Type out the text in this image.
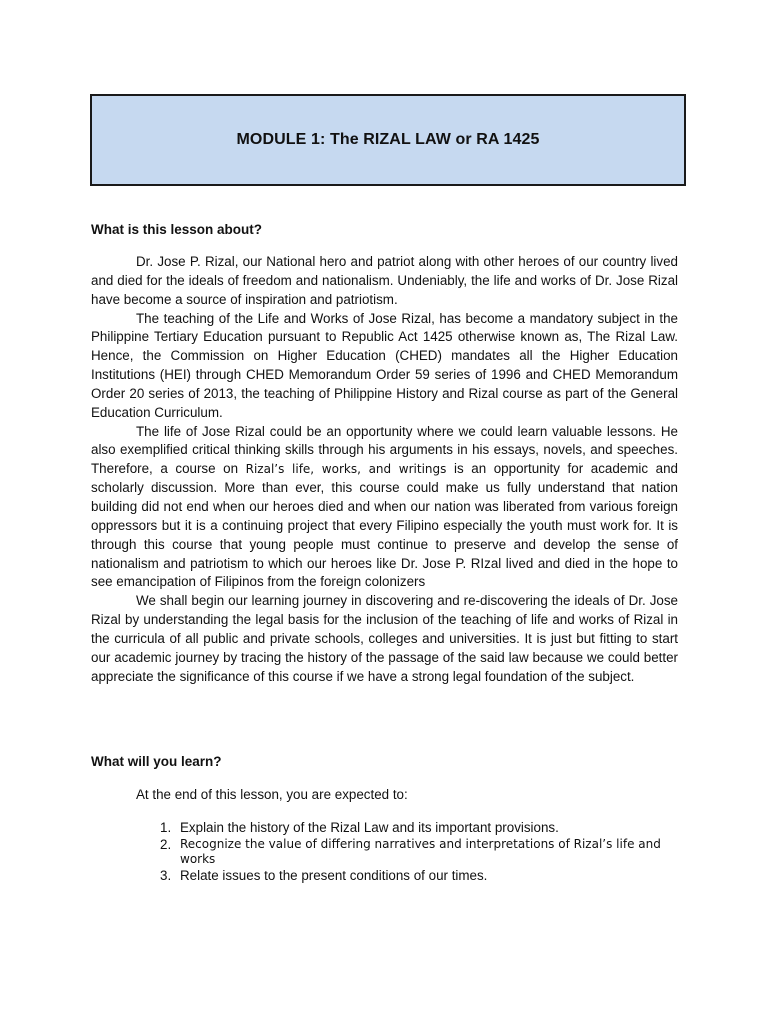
MODULE 1: The RIZAL LAW or RA 1425
What is this lesson about?

Dr. Jose P. Rizal, our National hero and patriot along with other heroes of our country lived and died for the ideals of freedom and nationalism. Undeniably, the life and works of Dr. Jose Rizal have become a source of inspiration and patriotism.

The teaching of the Life and Works of Jose Rizal, has become a mandatory subject in the Philippine Tertiary Education pursuant to Republic Act 1425 otherwise known as, The Rizal Law. Hence, the Commission on Higher Education (CHED) mandates all the Higher Education Institutions (HEI) through CHED Memorandum Order 59 series of 1996 and CHED Memorandum Order 20 series of 2013, the teaching of Philippine History and Rizal course as part of the General Education Curriculum.

The life of Jose Rizal could be an opportunity where we could learn valuable lessons. He also exemplified critical thinking skills through his arguments in his essays, novels, and speeches. Therefore, a course on Rizal’s life, works, and writings is an opportunity for academic and scholarly discussion. More than ever, this course could make us fully understand that nation building did not end when our heroes died and when our nation was liberated from various foreign oppressors but it is a continuing project that every Filipino especially the youth must work for. It is through this course that young people must continue to preserve and develop the sense of nationalism and patriotism to which our heroes like Dr. Jose P. RIzal lived and died in the hope to see emancipation of Filipinos from the foreign colonizers

We shall begin our learning journey in discovering and re-discovering the ideals of Dr. Jose Rizal by understanding the legal basis for the inclusion of the teaching of life and works of Rizal in the curricula of all public and private schools, colleges and universities. It is just but fitting to start our academic journey by tracing the history of the passage of the said law because we could better appreciate the significance of this course if we have a strong legal foundation of the subject.

What will you learn?

At the end of this lesson, you are expected to:

1. Explain the history of the Rizal Law and its important provisions.
2. Recognize the value of differing narratives and interpretations of Rizal’s life and works
3. Relate issues to the present conditions of our times.
